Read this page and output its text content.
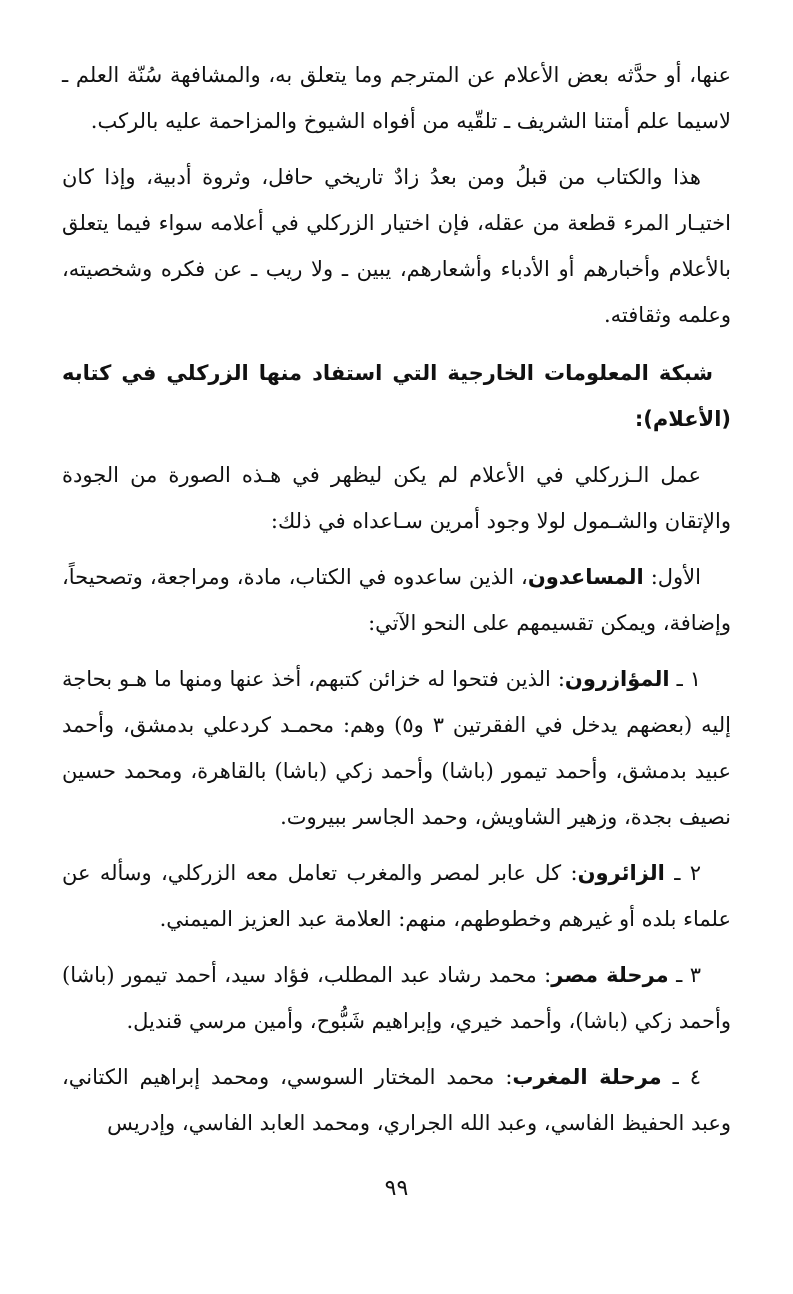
عنها، أو حدَّثه بعض الأعلام عن المترجم وما يتعلق به، والمشافهة سُنّة العلم ـ لاسيما علم أمتنا الشريف ـ تلقّيه من أفواه الشيوخ والمزاحمة عليه بالركب.

هذا والكتاب من قبلُ ومن بعدُ زادٌ تاريخي حافل، وثروة أدبية، وإذا كان اختيـار المرء قطعة من عقله، فإن اختيار الزركلي في أعلامه سواء فيما يتعلق بالأعلام وأخبارهم أو الأدباء وأشعارهم، يبين ـ ولا ريب ـ عن فكره وشخصيته، وعلمه وثقافته.

شبكة المعلومات الخارجية التي استفاد منها الزركلي في كتابه (الأعلام):

عمل الـزركلي في الأعلام لم يكن ليظهر في هـذه الصورة من الجودة والإتقان والشـمول لولا وجود أمرين سـاعداه في ذلك:

الأول: المساعدون، الذين ساعدوه في الكتاب، مادة، ومراجعة، وتصحيحاً، وإضافة، ويمكن تقسيمهم على النحو الآتي:

١ ـ المؤازرون: الذين فتحوا له خزائن كتبهم، أخذ عنها ومنها ما هـو بحاجة إليه (بعضهم يدخل في الفقرتين ٣ و٥) وهم: محمـد كردعلي بدمشق، وأحمد عبيد بدمشق، وأحمد تيمور (باشا) وأحمد زكي (باشا) بالقاهرة، ومحمد حسين نصيف بجدة، وزهير الشاويش، وحمد الجاسر ببيروت.

٢ ـ الزائرون: كل عابر لمصر والمغرب تعامل معه الزركلي، وسأله عن علماء بلده أو غيرهم وخطوطهم، منهم: العلامة عبد العزيز الميمني.

٣ ـ مرحلة مصر: محمد رشاد عبد المطلب، فؤاد سيد، أحمد تيمور (باشا) وأحمد زكي (باشا)، وأحمد خيري، وإبراهيم شَبُّوح، وأمين مرسي قنديل.

٤ ـ مرحلة المغرب: محمد المختار السوسي، ومحمد إبراهيم الكتاني، وعبد الحفيظ الفاسي، وعبد الله الجراري، ومحمد العابد الفاسي، وإدريس

٩٩
